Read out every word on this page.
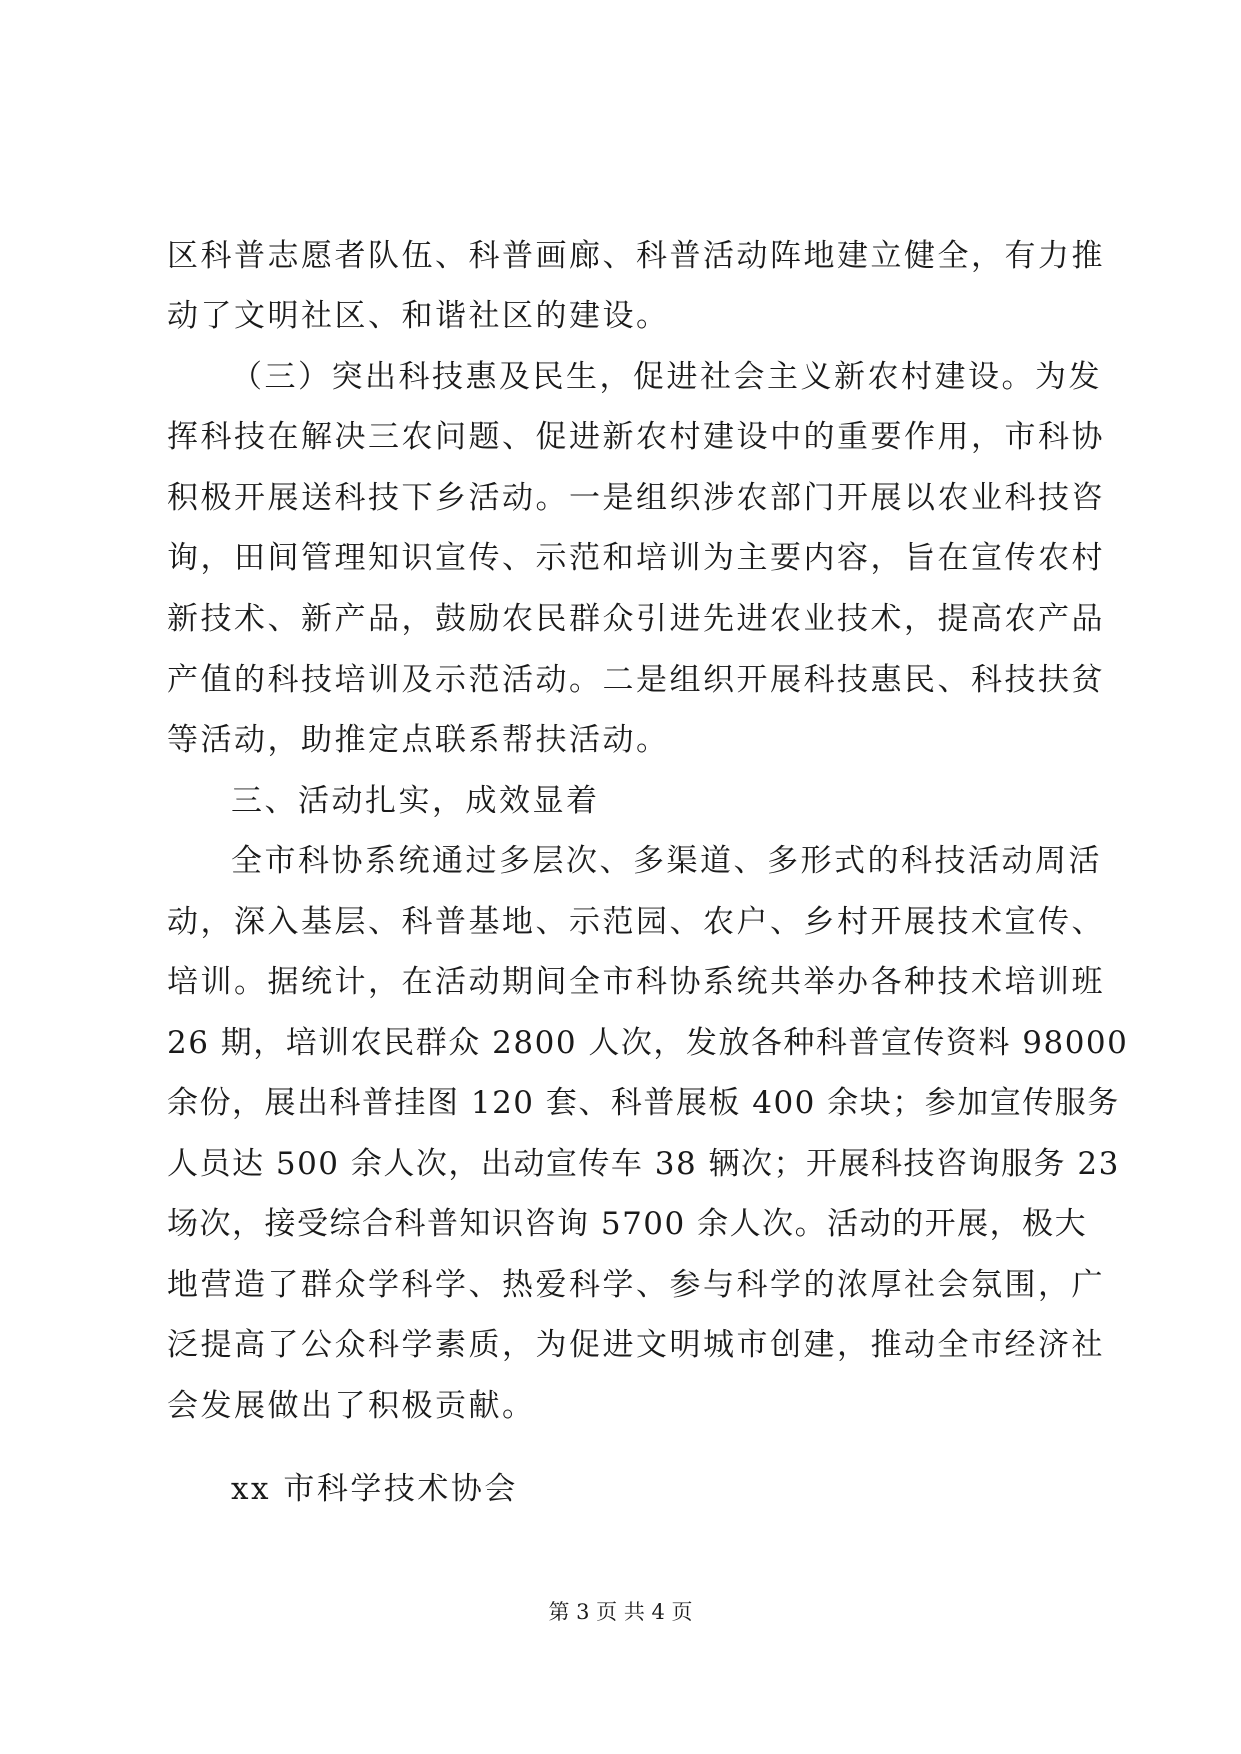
区科普志愿者队伍、科普画廊、科普活动阵地建立健全，有力推
动了文明社区、和谐社区的建设。
（三）突出科技惠及民生，促进社会主义新农村建设。为发
挥科技在解决三农问题、促进新农村建设中的重要作用，市科协
积极开展送科技下乡活动。一是组织涉农部门开展以农业科技咨
询，田间管理知识宣传、示范和培训为主要内容，旨在宣传农村
新技术、新产品，鼓励农民群众引进先进农业技术，提高农产品
产值的科技培训及示范活动。二是组织开展科技惠民、科技扶贫
等活动，助推定点联系帮扶活动。
三、活动扎实，成效显着
全市科协系统通过多层次、多渠道、多形式的科技活动周活
动，深入基层、科普基地、示范园、农户、乡村开展技术宣传、
培训。据统计，在活动期间全市科协系统共举办各种技术培训班
26 期，培训农民群众 2800 人次，发放各种科普宣传资料 98000
余份，展出科普挂图 120 套、科普展板 400 余块；参加宣传服务
人员达 500 余人次，出动宣传车 38 辆次；开展科技咨询服务 23
场次，接受综合科普知识咨询 5700 余人次。活动的开展，极大
地营造了群众学科学、热爱科学、参与科学的浓厚社会氛围，广
泛提高了公众科学素质，为促进文明城市创建，推动全市经济社
会发展做出了积极贡献。
xx 市科学技术协会
第 3 页 共 4 页
